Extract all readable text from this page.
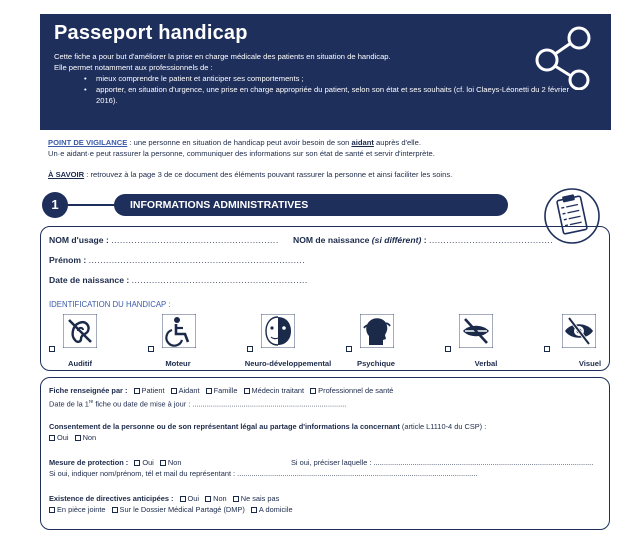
Passeport handicap

Cette fiche a pour but d'améliorer la prise en charge médicale des patients en situation de handicap.

Elle permet notamment aux professionnels de :

• mieux comprendre le patient et anticiper ses comportements ;
• apporter, en situation d'urgence, une prise en charge appropriée du patient, selon son état et ses souhaits (cf. loi Claeys-Léonetti du 2 février 2016).
POINT DE VIGILANCE : une personne en situation de handicap peut avoir besoin de son aidant auprès d'elle.
Un·e aidant·e peut rassurer la personne, communiquer des informations sur son état de santé et servir d'interprète.
À SAVOIR : retrouvez à la page 3 de ce document des éléments pouvant rassurer la personne et ainsi faciliter les soins.
1	INFORMATIONS ADMINISTRATIVES
NOM d'usage : .......................................................... NOM de naissance (si différent) : ...........................................
Prénom : ...........................................................................
Date de naissance : .............................................................
IDENTIFICATION DU HANDICAP :
Auditif	Moteur	Neuro-développemental	Psychique	Verbal	Visuel
Fiche renseignée par : Patient Aidant Famille Médecin traitant Professionnel de santé
Date de la 1re fiche ou date de mise à jour : ...........................................................................
Consentement de la personne ou de son représentant légal au partage d'informations la concernant (article L1110-4 du CSP) :
Oui Non
Mesure de protection : Oui Non	Si oui, préciser laquelle : ...........................................................................................................
Si oui, indiquer nom/prénom, tél et mail du représentant : .....................................................................................................................
Existence de directives anticipées : Oui Non Ne sais pas
En pièce jointe Sur le Dossier Médical Partagé (DMP) A domicile
